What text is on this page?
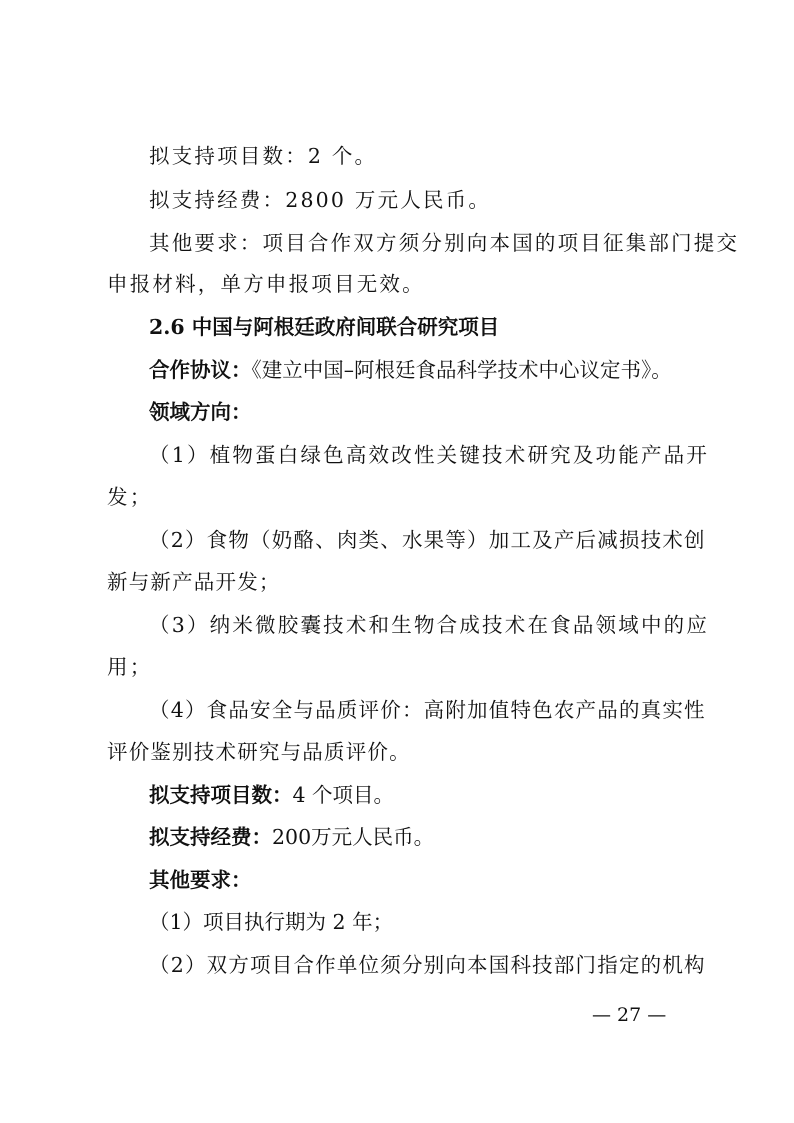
拟支持项目数：2 个。
拟支持经费：2800 万元人民币。
其他要求：项目合作双方须分别向本国的项目征集部门提交
申报材料，单方申报项目无效。
2.6 中国与阿根廷政府间联合研究项目
合作协议：《建立中国–阿根廷食品科学技术中心议定书》。
领域方向：
（1）植物蛋白绿色高效改性关键技术研究及功能产品开
发；
（2）食物（奶酪、肉类、水果等）加工及产后减损技术创
新与新产品开发；
（3）纳米微胶囊技术和生物合成技术在食品领域中的应
用；
（4）食品安全与品质评价：高附加值特色农产品的真实性
评价鉴别技术研究与品质评价。
拟支持项目数：4 个项目。
拟支持经费：200万元人民币。
其他要求：
（1）项目执行期为 2 年；
（2）双方项目合作单位须分别向本国科技部门指定的机构
— 27 —
